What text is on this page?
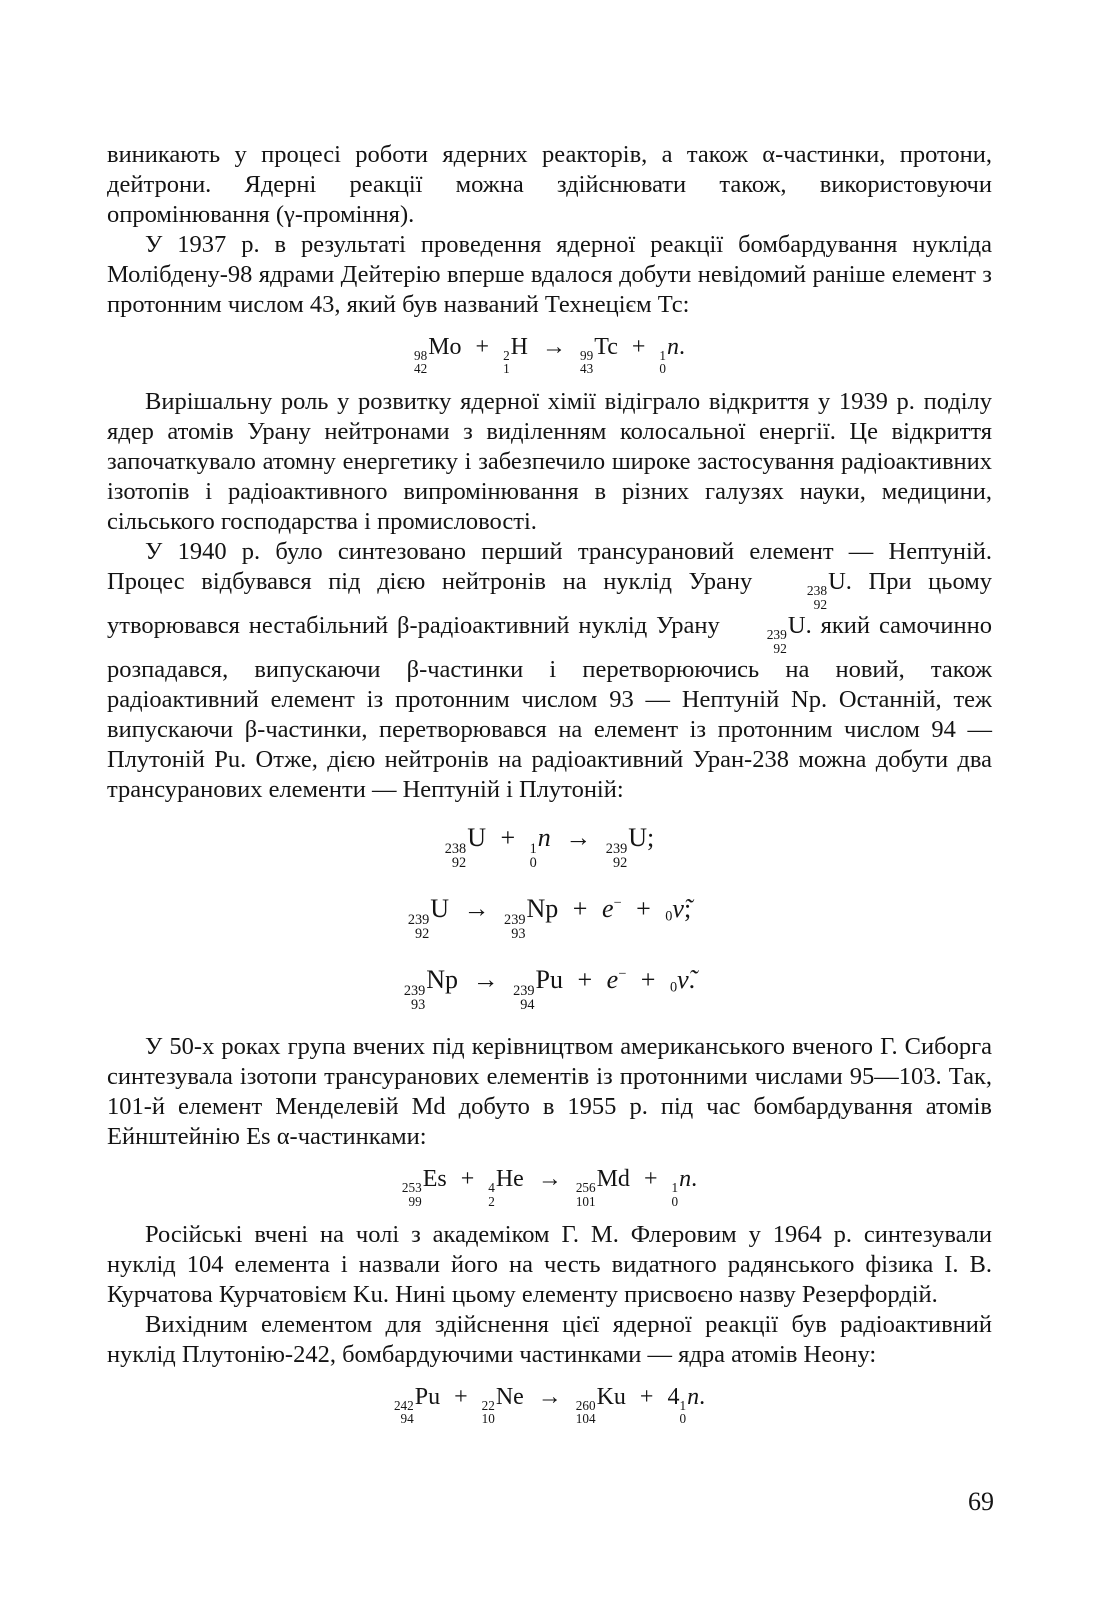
виникають у процесі роботи ядерних реакторів, а також α-частинки, протони, дейтрони. Ядерні реакції можна здійснювати також, використовуючи опромінювання (γ-проміння).

У 1937 р. в результаті проведення ядерної реакції бомбардування нукліда Молібдену-98 ядрами Дейтерію вперше вдалося добути невідомий раніше елемент з протонним числом 43, який був названий Технецієм Тс:

98
42
Mo + 2
1
H → 99
43
Tc + 1
0
n.

Вирішальну роль у розвитку ядерної хімії відіграло відкриття у 1939 р. поділу ядер атомів Урану нейтронами з виділенням колосальної енергії. Це відкриття започаткувало атомну енергетику і забезпечило широке застосування радіоактивних ізотопів і радіоактивного випромінювання в різних галузях науки, медицини, сільського господарства і промисловості.

У 1940 р. було синтезовано перший трансурановий елемент — Нептуній. Процес відбувався під дією нейтронів на нуклід Урану	238
92
U. При цьому утворювався нестабільний β-радіоактивний нуклід Урану	239
92
U. який самочинно розпадався, випускаючи β-частинки і перетворюючись на новий, також радіоактивний елемент із протонним числом 93 — Нептуній Np. Останній, теж випускаючи β-частинки, перетворювався на елемент із протонним числом 94 — Плутоній Pu. Отже, дією нейтронів на радіоактивний Уран-238 можна добути два трансуранових елементи — Нептуній і Плутоній:

238
92
U + 1
0
n → 239
92
U;
239
92
U → 239
93
Np + e− + $_0$ν̃;
239
93
Np → 239
94
Pu + e− + $_0$ν̃.

У 50-х роках група вчених під керівництвом американського вченого Г. Сиборга синтезувала ізотопи трансуранових елементів із протонними числами 95—103. Так, 101-й елемент Менделевій Md добуто в 1955 р. під час бомбардування атомів Ейнштейнію Es α-частинками:

253
99
Es + 4
2
He → 256
101
Md + 1
0
n.

Російські вчені на чолі з академіком Г. М. Флеровим у 1964 р. синтезували нуклід 104 елемента і назвали його на честь видатного радянського фізика І. В. Курчатова Курчатовієм Ku. Нині цьому елементу присвоєно назву Резерфордій.

Вихідним елементом для здійснення цієї ядерної реакції був радіоактивний нуклід Плутонію-242, бомбардуючими частинками — ядра атомів Неону:

242
94
Pu + 22
10
Ne → 260
104
Ku + 4 1
0
n.
69
